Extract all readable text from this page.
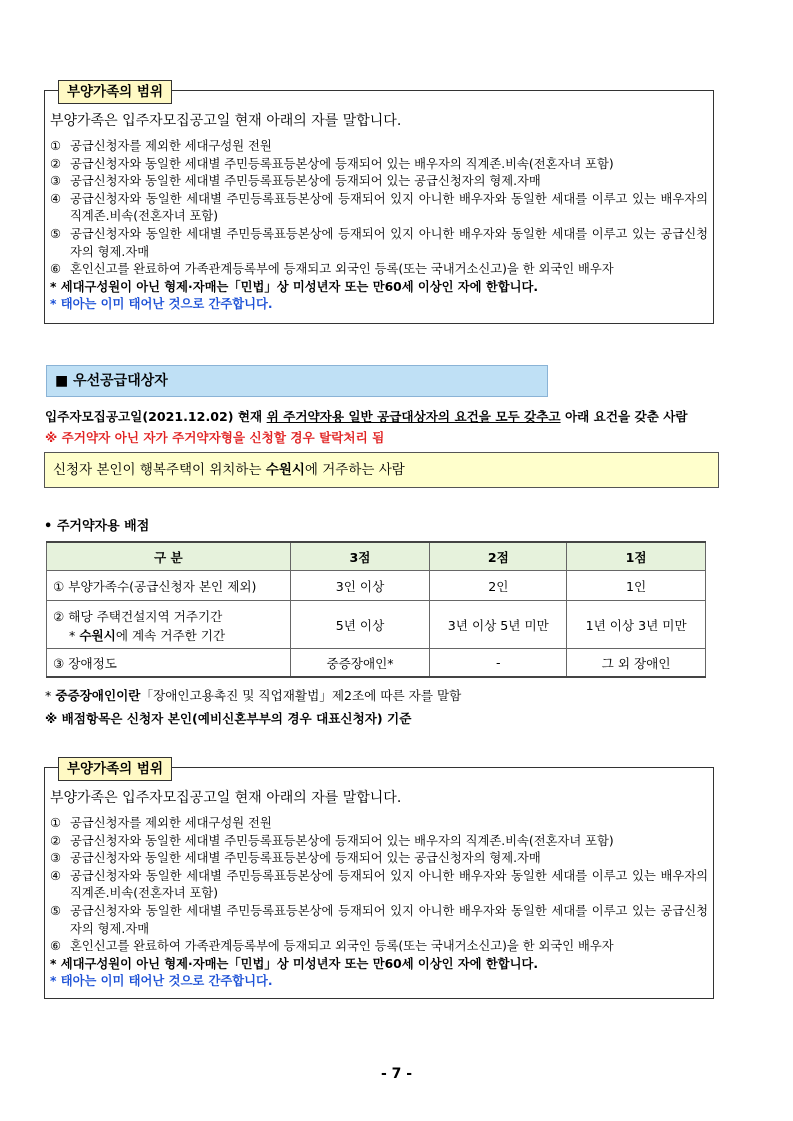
부양가족의 범위
부양가족은 입주자모집공고일 현재 아래의 자를 말합니다.
① 공급신청자를 제외한 세대구성원 전원
② 공급신청자와 동일한 세대별 주민등록표등본상에 등재되어 있는 배우자의 직계존.비속(전혼자녀 포함)
③ 공급신청자와 동일한 세대별 주민등록표등본상에 등재되어 있는 공급신청자의 형제.자매
④ 공급신청자와 동일한 세대별 주민등록표등본상에 등재되어 있지 아니한 배우자와 동일한 세대를 이루고 있는 배우자의 직계존.비속(전혼자녀 포함)
⑤ 공급신청자와 동일한 세대별 주민등록표등본상에 등재되어 있지 아니한 배우자와 동일한 세대를 이루고 있는 공급신청자의 형제.자매
⑥ 혼인신고를 완료하여 가족관계등록부에 등재되고 외국인 등록(또는 국내거소신고)을 한 외국인 배우자
* 세대구성원이 아닌 형제·자매는「민법」상 미성년자 또는 만60세 이상인 자에 한합니다.
* 태아는 이미 태어난 것으로 간주합니다.
■ 우선공급대상자
입주자모집공고일(2021.12.02) 현재 위 주거약자용 일반 공급대상자의 요건을 모두 갖추고 아래 요건을 갖춘 사람
※ 주거약자 아닌 자가 주거약자형을 신청할 경우 탈락처리 됨
신청자 본인이 행복주택이 위치하는 수원시에 거주하는 사람
• 주거약자용 배점
구 분	3점	2점	1점
① 부양가족수(공급신청자 본인 제외)	3인 이상	2인	1인

② 해당 주택건설지역 거주기간
* 수원시에 계속 거주한 기간	5년 이상	3년 이상 5년 미만	1년 이상 3년 미만
③ 장애정도	중증장애인*	-	그 외 장애인
* 중증장애인이란「장애인고용촉진 및 직업재활법」제2조에 따른 자를 말함
※ 배점항목은 신청자 본인(예비신혼부부의 경우 대표신청자) 기준
부양가족의 범위
부양가족은 입주자모집공고일 현재 아래의 자를 말합니다.
① 공급신청자를 제외한 세대구성원 전원
② 공급신청자와 동일한 세대별 주민등록표등본상에 등재되어 있는 배우자의 직계존.비속(전혼자녀 포함)
③ 공급신청자와 동일한 세대별 주민등록표등본상에 등재되어 있는 공급신청자의 형제.자매
④ 공급신청자와 동일한 세대별 주민등록표등본상에 등재되어 있지 아니한 배우자와 동일한 세대를 이루고 있는 배우자의 직계존.비속(전혼자녀 포함)
⑤ 공급신청자와 동일한 세대별 주민등록표등본상에 등재되어 있지 아니한 배우자와 동일한 세대를 이루고 있는 공급신청자의 형제.자매
⑥ 혼인신고를 완료하여 가족관계등록부에 등재되고 외국인 등록(또는 국내거소신고)을 한 외국인 배우자
* 세대구성원이 아닌 형제·자매는「민법」상 미성년자 또는 만60세 이상인 자에 한합니다.
* 태아는 이미 태어난 것으로 간주합니다.
- 7 -
